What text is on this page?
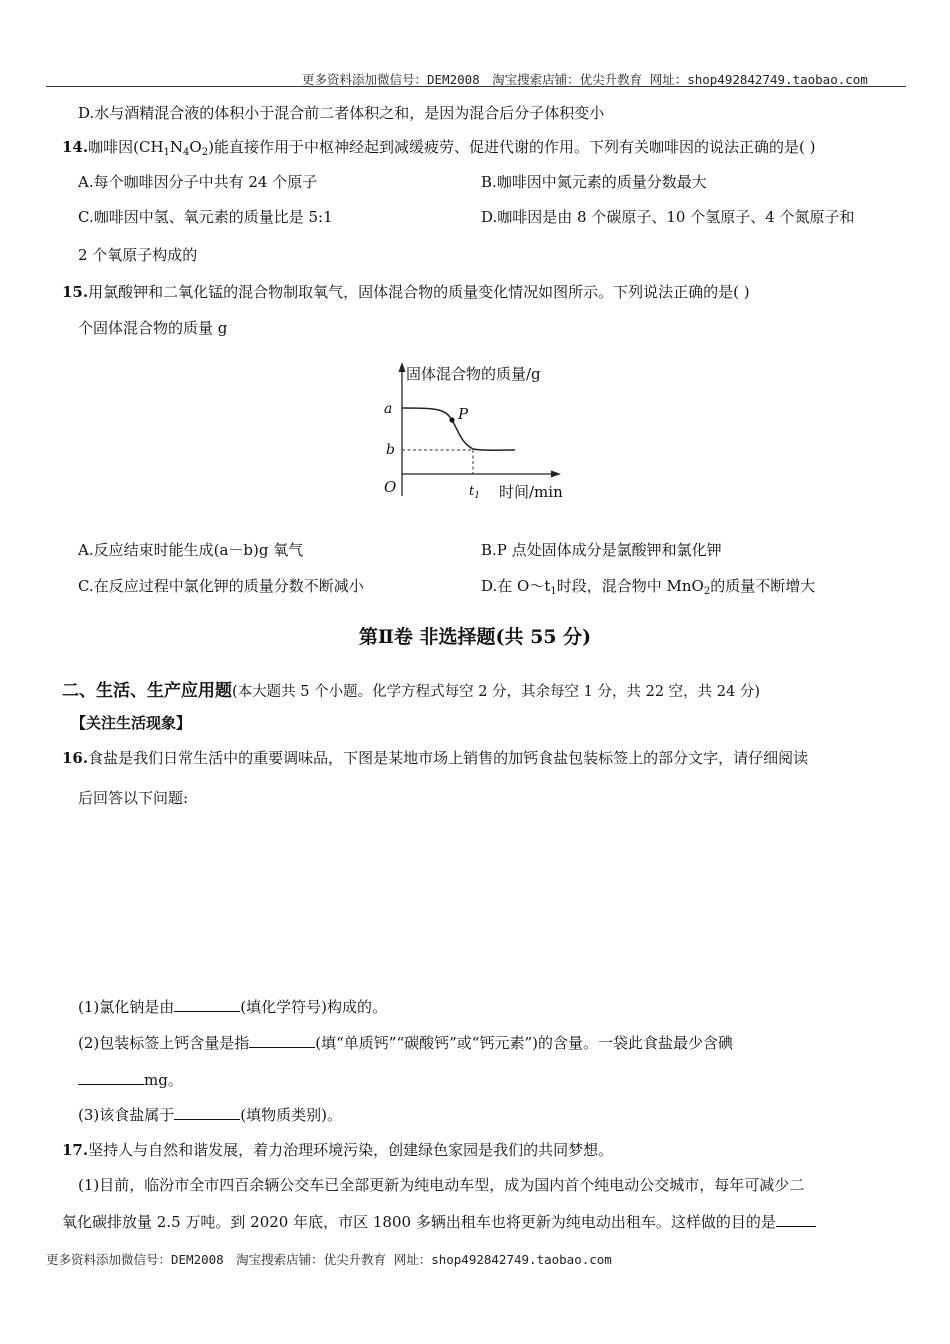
更多资料添加微信号：DEM2008　淘宝搜索店铺：优尖升教育 网址：shop492842749.taobao.com
D.水与酒精混合液的体积小于混合前二者体积之和，是因为混合后分子体积变小
14.咖啡因$(CH_1N_4O_2)$能直接作用于中枢神经起到减缓疲劳、促进代谢的作用。下列有关咖啡因的说法正确的是( )
A.每个咖啡因分子中共有 24 个原子	B.咖啡因中氮元素的质量分数最大
C.咖啡因中氢、氧元素的质量比是 5:1	D.咖啡因是由 8 个碳原子、10 个氢原子、4 个氮原子和
2 个氧原子构成的
15.用氯酸钾和二氧化锰的混合物制取氧气，固体混合物的质量变化情况如图所示。下列说法正确的是( )
个固体混合物的质量 g
固体混合物的质量/g
a
b
P
O	$t_1$ 时间/min
A.反应结束时能生成(a－b)g 氧气	B.P 点处固体成分是氯酸钾和氯化钾
C.在反应过程中氯化钾的质量分数不断减小	D.在 $O\sim t_1$时段，混合物中 MnO$_2$的质量不断增大
第Ⅱ卷 非选择题(共 55 分)
二、生活、生产应用题(本大题共 5 个小题。化学方程式每空 2 分，其余每空 1 分，共 22 空，共 24 分)
【关注生活现象】
16.食盐是我们日常生活中的重要调味品，下图是某地市场上销售的加钙食盐包装标签上的部分文字，请仔细阅读
后回答以下问题:
(1)氯化钠是由	(填化学符号)构成的。
(2)包装标签上钙含量是指	(填“单质钙”“碳酸钙”或“钙元素”)的含量。一袋此食盐最少含碘
mg。
(3)该食盐属于	(填物质类别)。
17.坚持人与自然和谐发展，着力治理环境污染，创建绿色家园是我们的共同梦想。
(1)目前，临汾市全市四百余辆公交车已全部更新为纯电动车型，成为国内首个纯电动公交城市，每年可减少二
氧化碳排放量 2.5 万吨。到 2020 年底，市区 1800 多辆出租车也将更新为纯电动出租车。这样做的目的是
更多资料添加微信号：DEM2008　淘宝搜索店铺：优尖升教育 网址：shop492842749.taobao.com
